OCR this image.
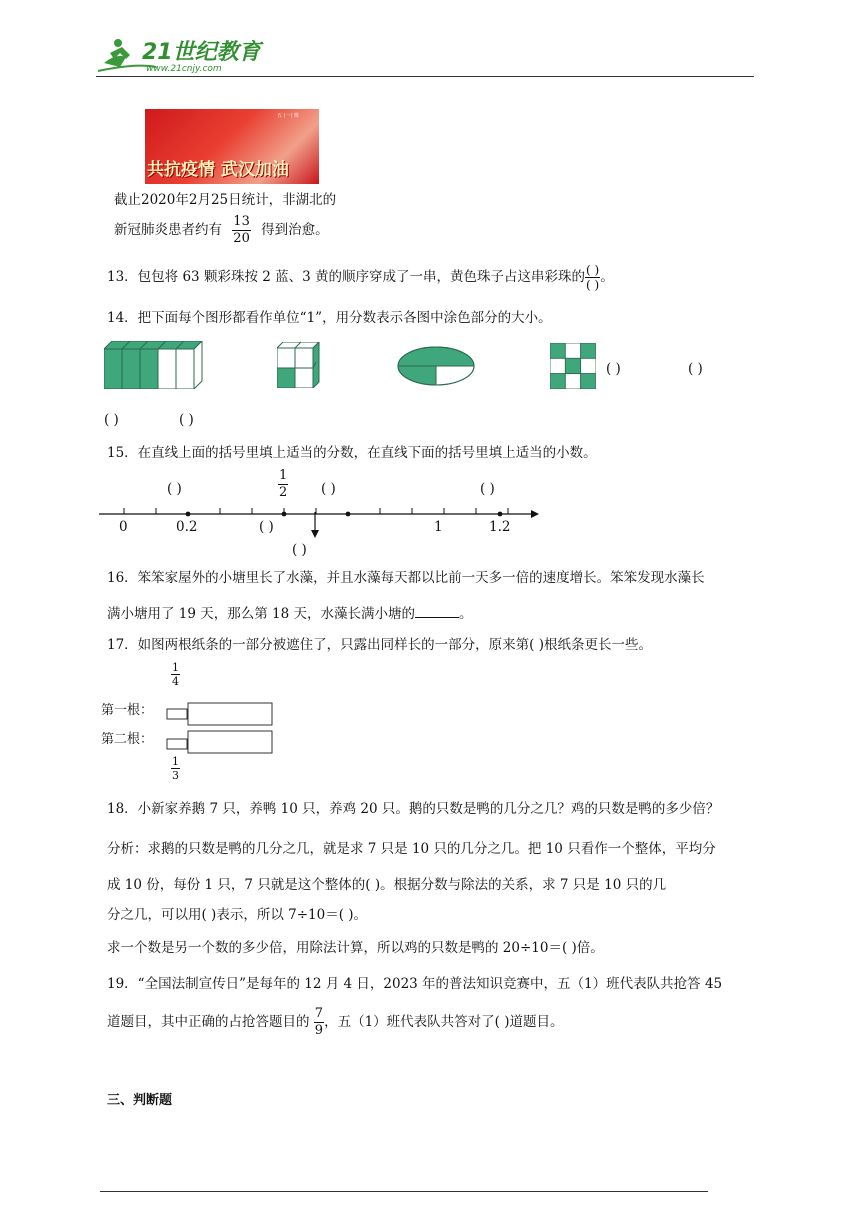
21世纪教育
www.21cnjy.com
五 (一) 班
共抗疫情 武汉加油
截止2020年2月25日统计，非湖北的
新冠肺炎患者约有 $\frac{13}{20}$ 得到治愈。
13．包包将 63 颗彩珠按 2 蓝、3 黄的顺序穿成了一串，黄色珠子占这串彩珠的 $\frac{( )}{( )}$ 。
14．把下面每个图形都看作单位“1”，用分数表示各图中涂色部分的大小。
( )	( )
( )	( )
15．在直线上面的括号里填上适当的分数，在直线下面的括号里填上适当的小数。
0	0.2	1	1.2
$\frac{1}{2}$
( )	( )	( )
( )
( )
16．笨笨家屋外的小塘里长了水藻，并且水藻每天都以比前一天多一倍的速度增长。笨笨发现水藻长
满小塘用了 19 天，那么第 18 天，水藻长满小塘的	。
17．如图两根纸条的一部分被遮住了，只露出同样长的一部分，原来第( )根纸条更长一些。
$\frac{1}{4}$
第一根：
第二根：
$\frac{1}{3}$
18．小新家养鹅 7 只，养鸭 10 只，养鸡 20 只。鹅的只数是鸭的几分之几？鸡的只数是鸭的多少倍？
分析：求鹅的只数是鸭的几分之几，就是求 7 只是 10 只的几分之几。把 10 只看作一个整体，平均分
成 10 份，每份 1 只，7 只就是这个整体的( )。根据分数与除法的关系，求 7 只是 10 只的几
分之几，可以用( )表示，所以 7÷10＝( )。
求一个数是另一个数的多少倍，用除法计算，所以鸡的只数是鸭的 20÷10＝( )倍。
19．“全国法制宣传日”是每年的 12 月 4 日，2023 年的普法知识竞赛中，五（1）班代表队共抢答 45
道题目，其中正确的占抢答题目的 $\frac{7}{9}$ ，五（1）班代表队共答对了( )道题目。
三、判断题
